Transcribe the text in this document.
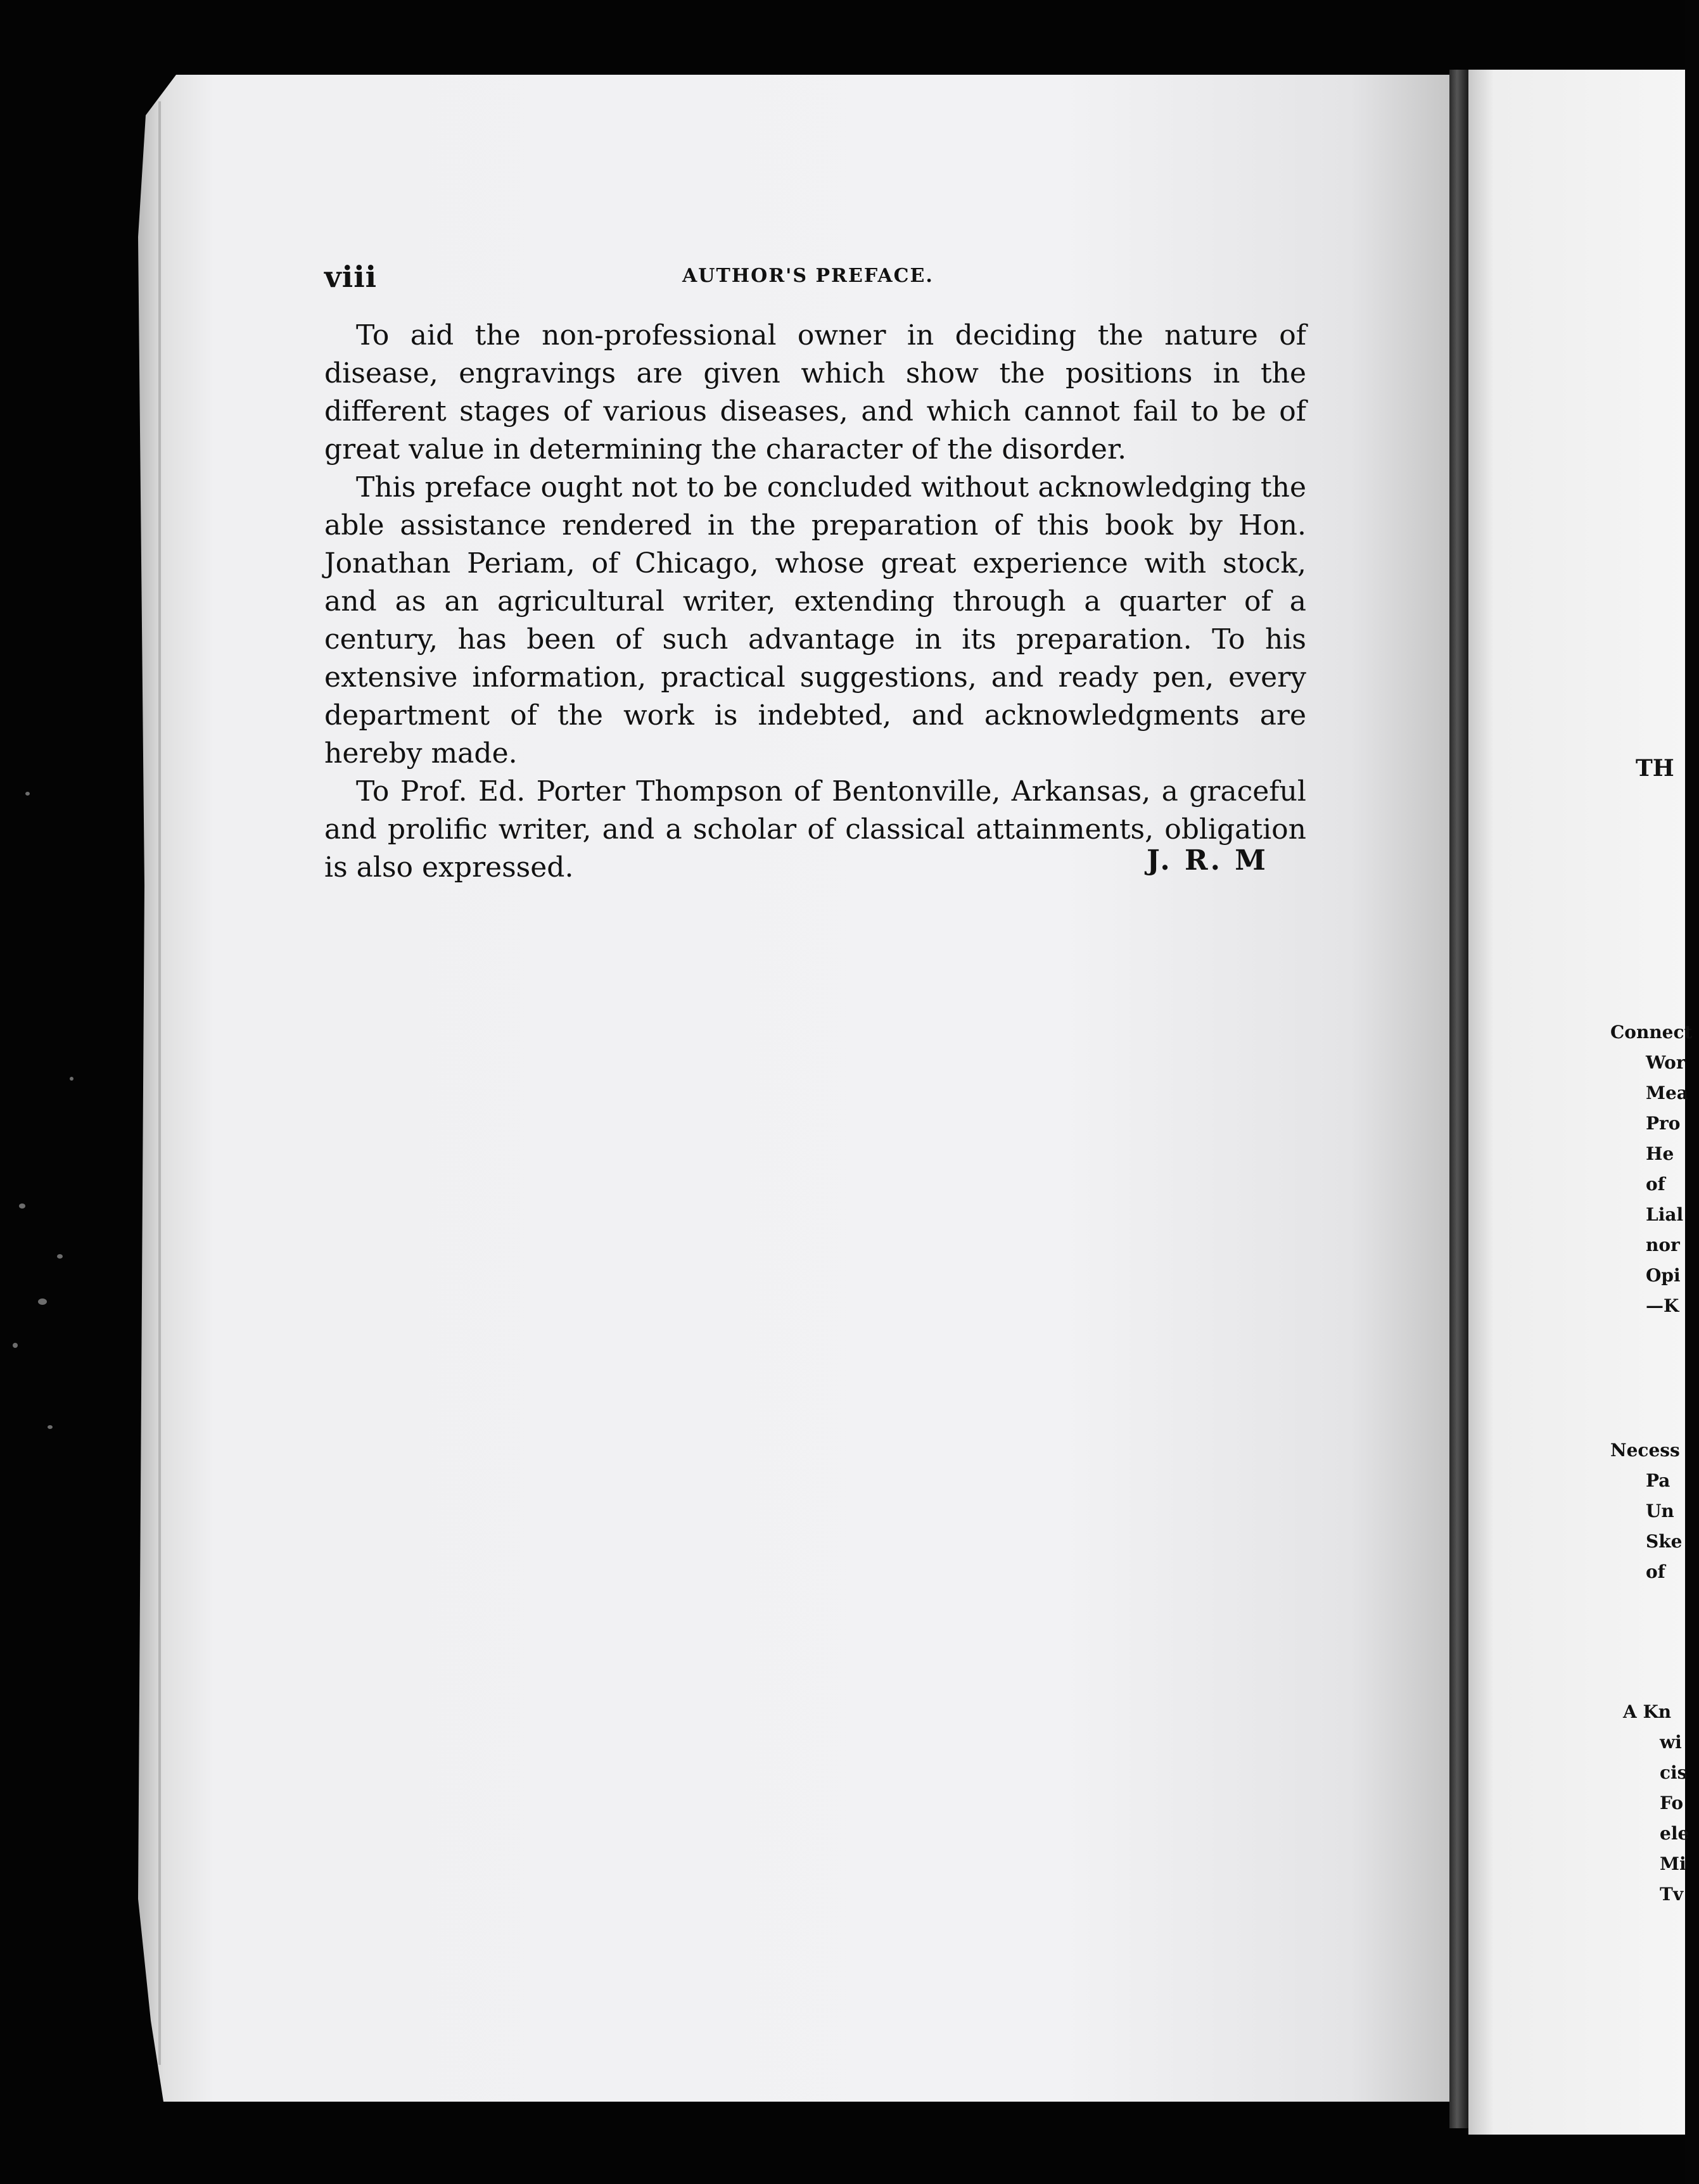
viii	AUTHOR'S PREFACE.

To aid the non-professional owner in deciding the nature of disease, engravings are given which show the positions in the different stages of various diseases, and which cannot fail to be of great value in determining the character of the disorder.

This preface ought not to be concluded without acknowledging the able assistance rendered in the preparation of this book by Hon. Jonathan Periam, of Chicago, whose great experience with stock, and as an agricultural writer, extending through a quarter of a century, has been of such advantage in its preparation. To his extensive information, practical suggestions, and ready pen, every department of the work is indebted, and acknowledgments are hereby made.

To Prof. Ed. Porter Thompson of Bentonville, Arkansas, a graceful and prolific writer, and a scholar of classical attainments, obligation is also expressed.	J. R. M
TH
Connect
Wor
Mea
Pro
He
of
Lial
nor
Opi
—K
Necess
Pa
Un
Ske
of
A Kn
wi
cis
Fo
ele
Mi
Tv
